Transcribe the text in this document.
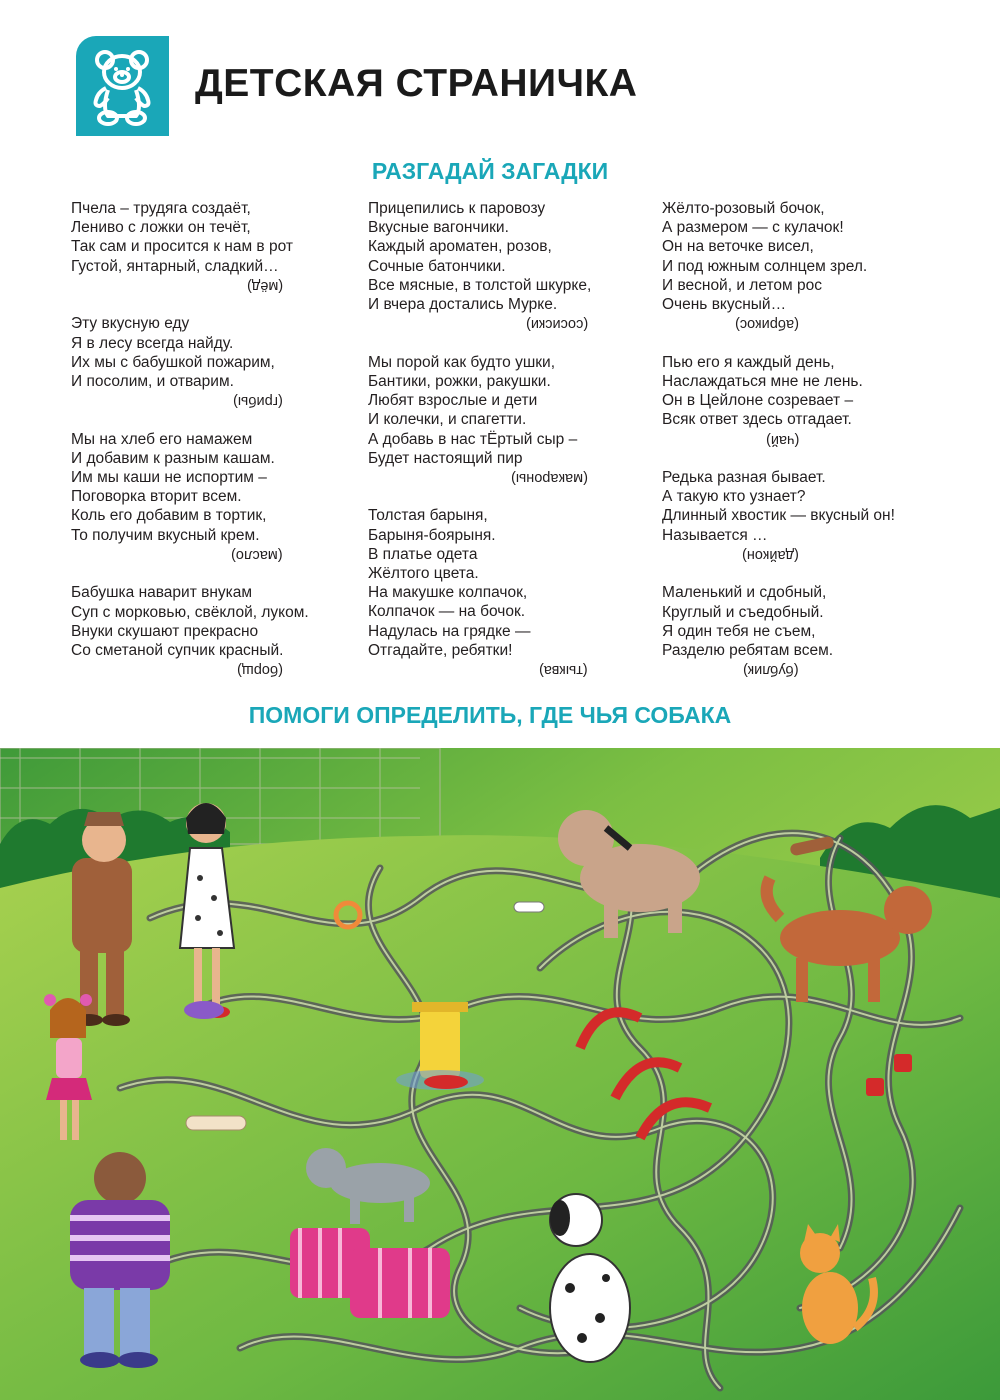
ДЕТСКАЯ СТРАНИЧКА
РАЗГАДАЙ ЗАГАДКИ
Пчела – трудяга создаёт,
Лениво с ложки он течёт,
Так сам и просится к нам в рот
Густой, янтарный, сладкий…
(мёд)
Эту вкусную еду
Я в лесу всегда найду.
Их мы с бабушкой пожарим,
И посолим, и отварим.
(грибы)
Мы на хлеб его намажем
И добавим к разным кашам.
Им мы каши не испортим –
Поговорка вторит всем.
Коль его добавим в тортик,
То получим вкусный крем.
(масло)
Бабушка наварит внукам
Суп с морковью, свёклой, луком.
Внуки скушают прекрасно
Со сметаной супчик красный.
(борщ)
Прицепились к паровозу
Вкусные вагончики.
Каждый ароматен, розов,
Сочные батончики.
Все мясные, в толстой шкурке,
И вчера достались Мурке.
(сосиски)
Мы порой как будто ушки,
Бантики, рожки, ракушки.
Любят взрослые и дети
И колечки, и спагетти.
А добавь в нас тЁртый сыр –
Будет настоящий пир
(макароны)
Толстая барыня,
Барыня-боярыня.
В платье одета
Жёлтого цвета.
На макушке колпачок,
Колпачок — на бочок.
Надулась на грядке —
Отгадайте, ребятки!
(тыква)
Жёлто-розовый бочок,
А размером — с кулачок!
Он на веточке висел,
И под южным солнцем зрел.
И весной, и летом рос
Очень вкусный…
(абрикос)
Пью его я каждый день,
Наслаждаться мне не лень.
Он в Цейлоне созревает –
Всяк ответ здесь отгадает.
(чай)
Редька разная бывает.
А такую кто узнает?
Длинный хвостик — вкусный он!
Называется …
(дайкон)
Маленький и сдобный,
Круглый и съедобный.
Я один тебя не съем,
Разделю ребятам всем.
(бублик)
ПОМОГИ ОПРЕДЕЛИТЬ, ГДЕ ЧЬЯ СОБАКА
